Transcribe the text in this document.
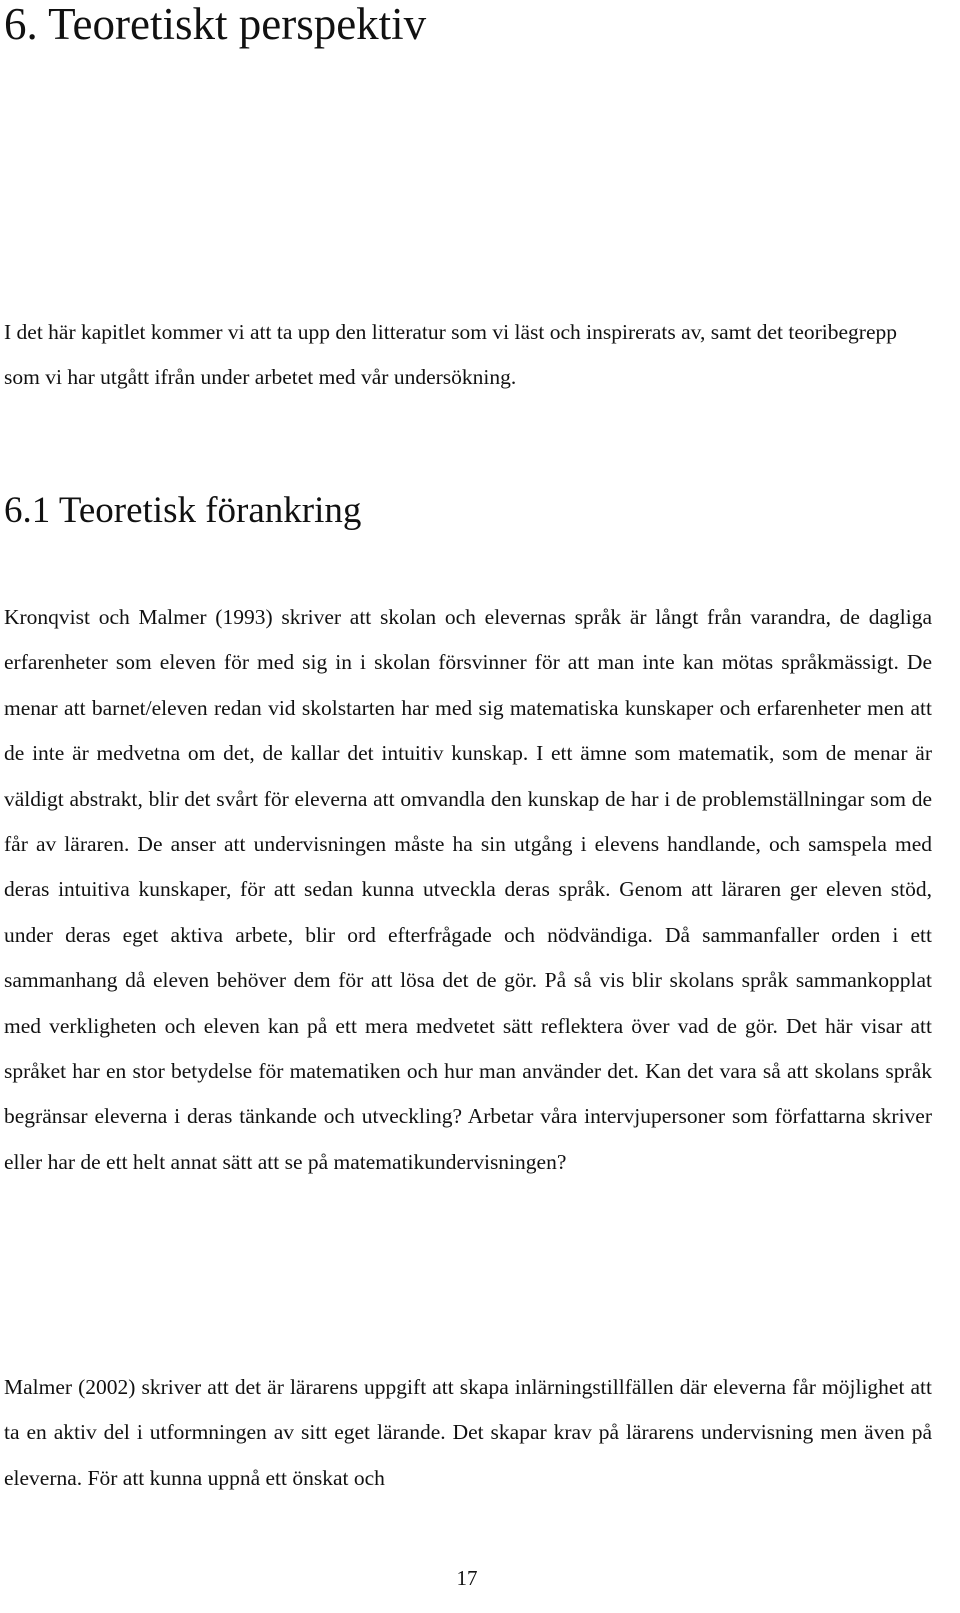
6. Teoretiskt perspektiv

I det här kapitlet kommer vi att ta upp den litteratur som vi läst och inspirerats av, samt det teoribegrepp som vi har utgått ifrån under arbetet med vår undersökning.

6.1 Teoretisk förankring

Kronqvist och Malmer (1993) skriver att skolan och elevernas språk är långt från varandra, de dagliga erfarenheter som eleven för med sig in i skolan försvinner för att man inte kan mötas språkmässigt. De menar att barnet/eleven redan vid skolstarten har med sig matematiska kunskaper och erfarenheter men att de inte är medvetna om det, de kallar det intuitiv kunskap. I ett ämne som matematik, som de menar är väldigt abstrakt, blir det svårt för eleverna att omvandla den kunskap de har i de problemställningar som de får av läraren. De anser att undervisningen måste ha sin utgång i elevens handlande, och samspela med deras intuitiva kunskaper, för att sedan kunna utveckla deras språk. Genom att läraren ger eleven stöd, under deras eget aktiva arbete, blir ord efterfrågade och nödvändiga. Då sammanfaller orden i ett sammanhang då eleven behöver dem för att lösa det de gör. På så vis blir skolans språk sammankopplat med verkligheten och eleven kan på ett mera medvetet sätt reflektera över vad de gör. Det här visar att språket har en stor betydelse för matematiken och hur man använder det. Kan det vara så att skolans språk begränsar eleverna i deras tänkande och utveckling? Arbetar våra intervjupersoner som författarna skriver eller har de ett helt annat sätt att se på matematikundervisningen?

Malmer (2002) skriver att det är lärarens uppgift att skapa inlärningstillfällen där eleverna får möjlighet att ta en aktiv del i utformningen av sitt eget lärande. Det skapar krav på lärarens undervisning men även på eleverna. För att kunna uppnå ett önskat och

17
